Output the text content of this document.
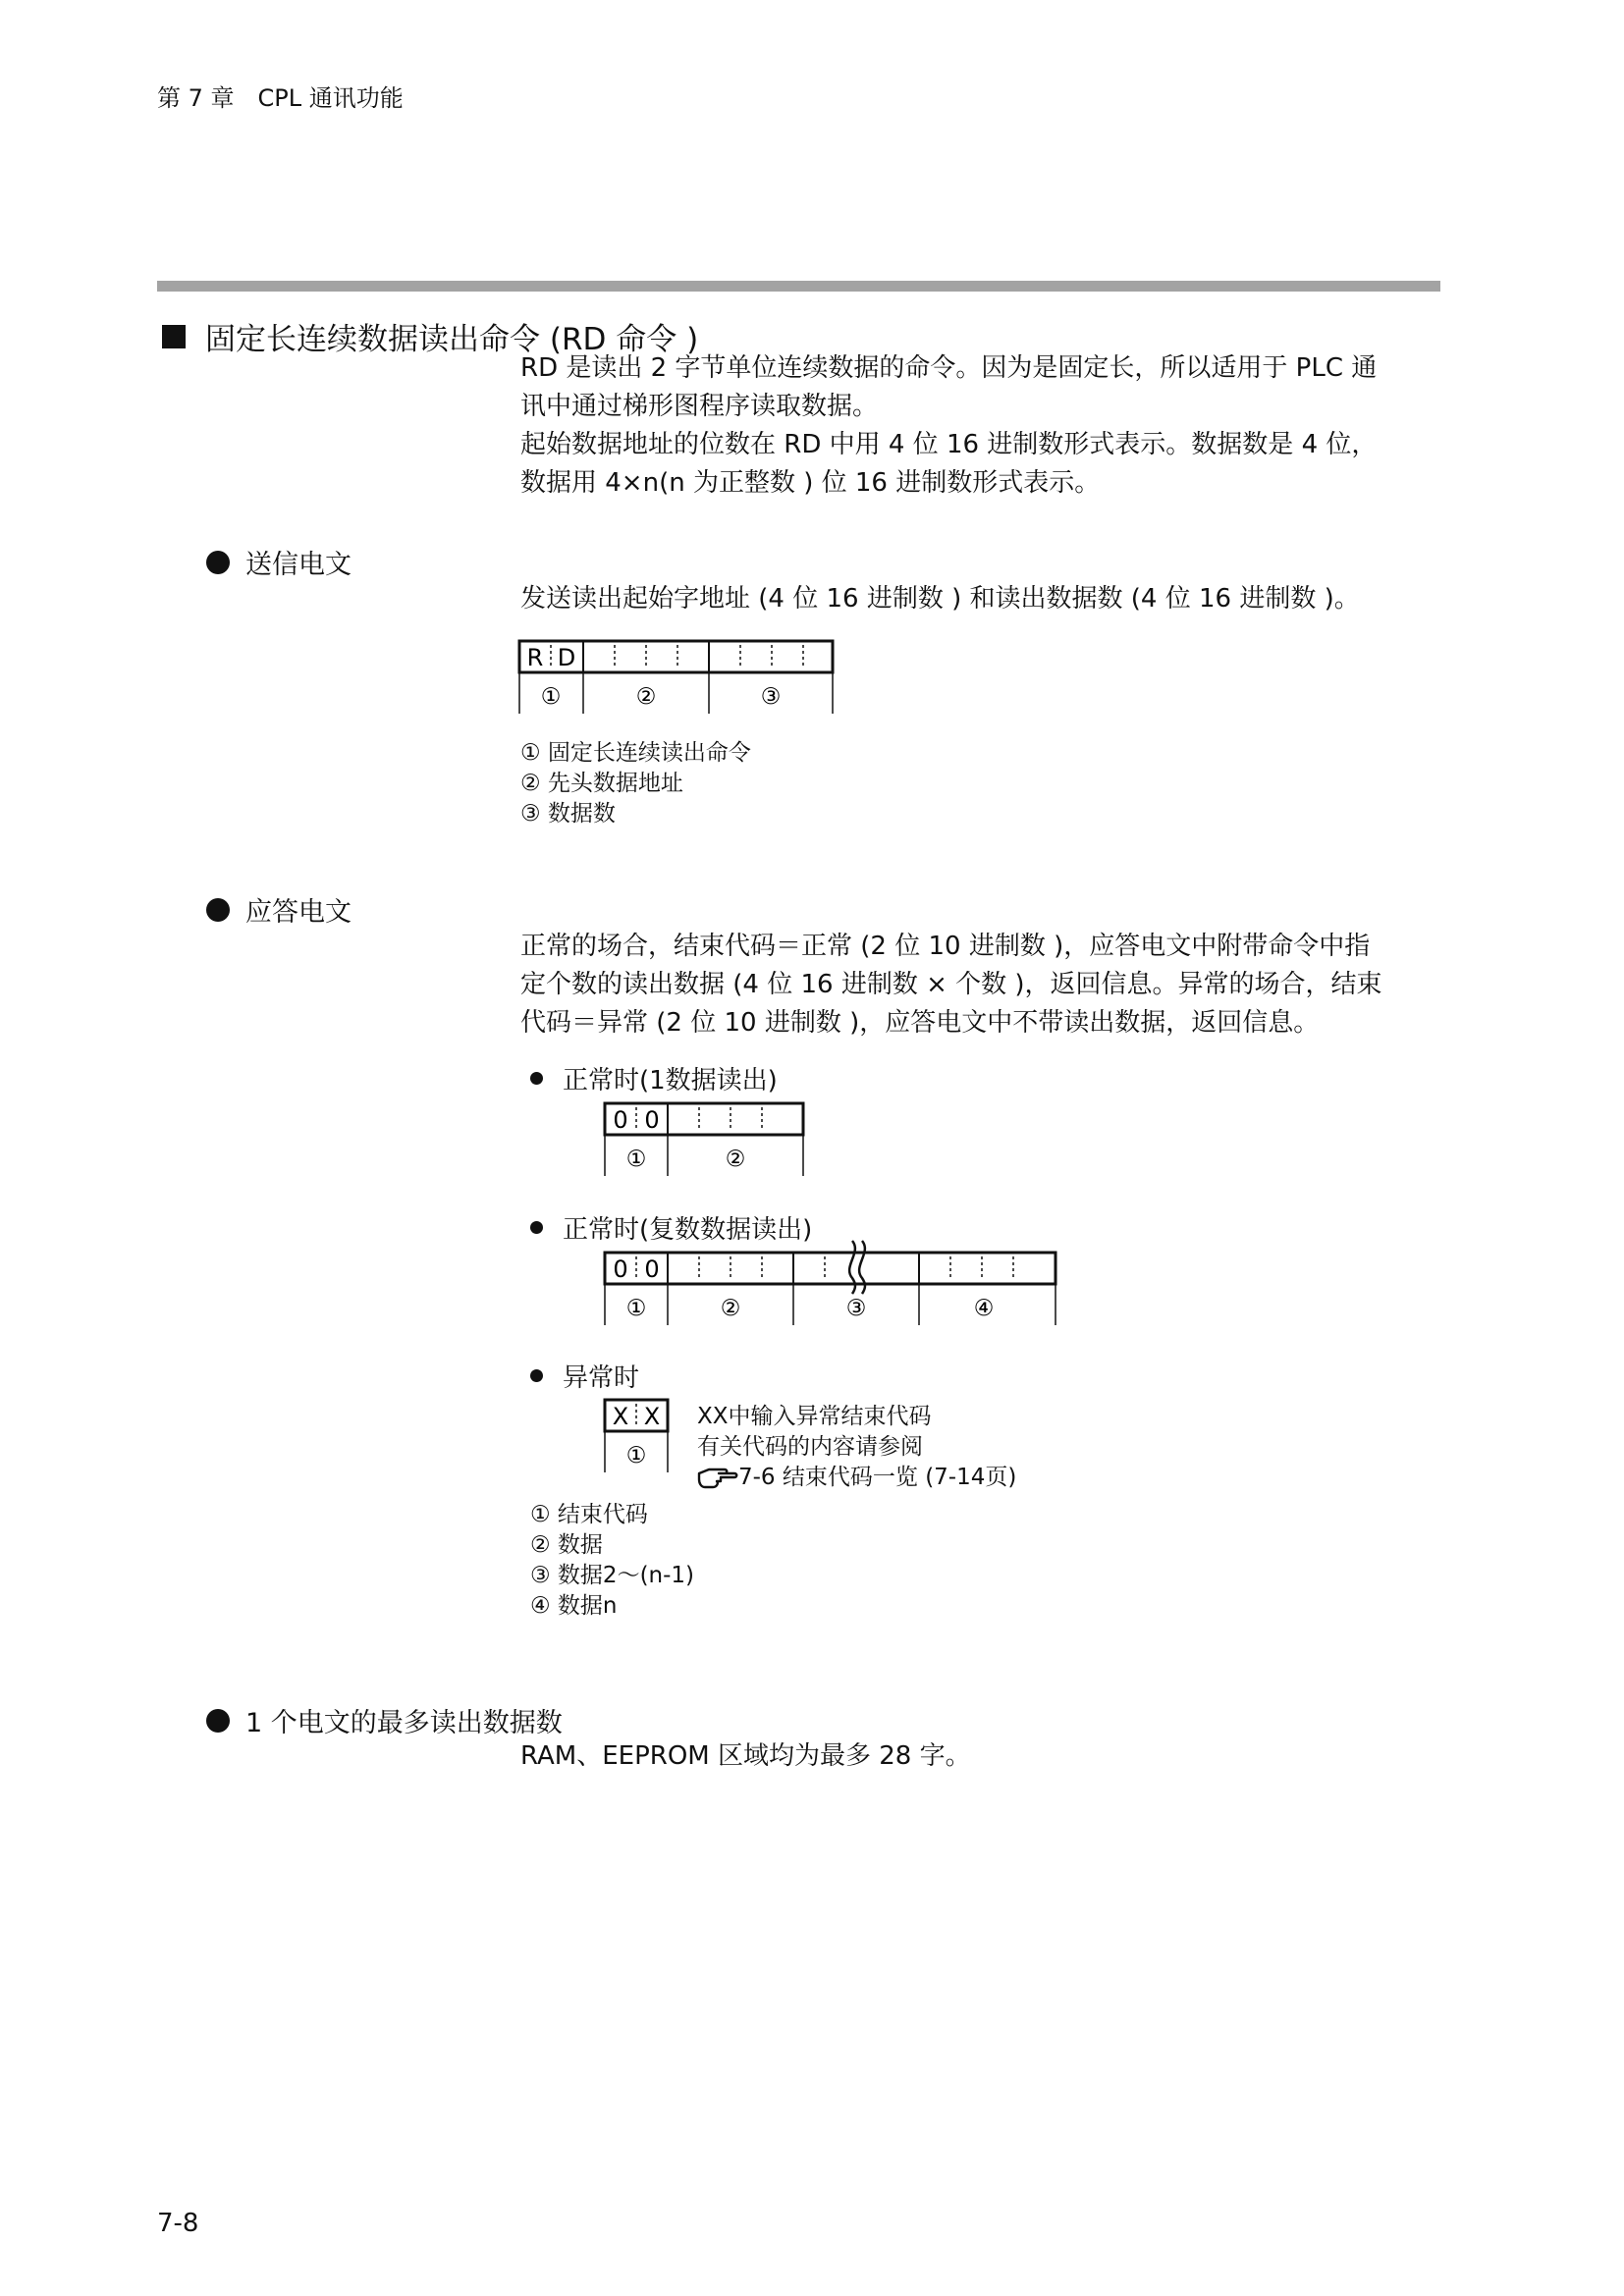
第 7 章　CPL 通讯功能
固定长连续数据读出命令 (RD 命令 )
RD 是读出 2 字节单位连续数据的命令。因为是固定长，所以适用于 PLC 通
讯中通过梯形图程序读取数据。
起始数据地址的位数在 RD 中用 4 位 16 进制数形式表示。数据数是 4 位，
数据用 4×n(n 为正整数 ) 位 16 进制数形式表示。
送信电文
发送读出起始字地址 (4 位 16 进制数 ) 和读出数据数 (4 位 16 进制数 )。
R D
①	②	③
① 固定长连续读出命令
② 先头数据地址
③ 数据数
应答电文
正常的场合，结束代码＝正常 (2 位 10 进制数 )，应答电文中附带命令中指
定个数的读出数据 (4 位 16 进制数 × 个数 )，返回信息。异常的场合，结束
代码＝异常 (2 位 10 进制数 )，应答电文中不带读出数据，返回信息。
正常时(1数据读出)
0 0
①	②
正常时(复数数据读出)
0 0
①	②	③	④
异常时
X X
①
XX中输入异常结束代码
有关代码的内容请参阅
7-6 结束代码一览 (7-14页)
① 结束代码
② 数据
③ 数据2～(n-1)
④ 数据n
1 个电文的最多读出数据数
RAM、EEPROM 区域均为最多 28 字。
7-8
